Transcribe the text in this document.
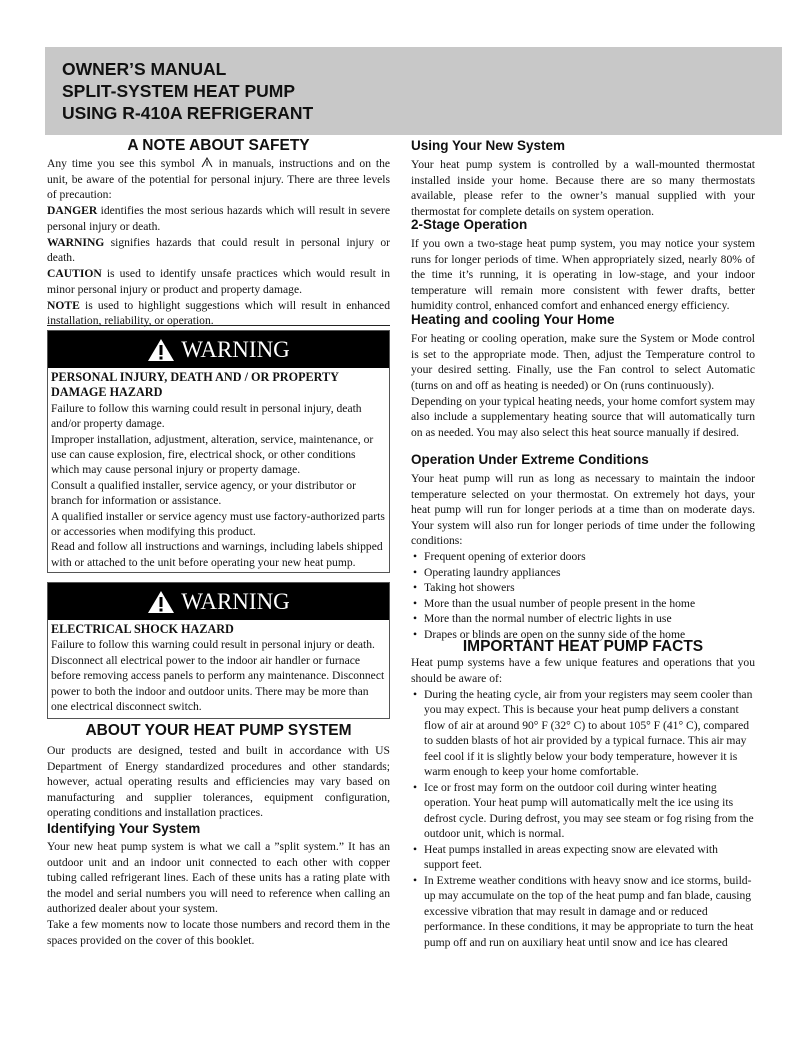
OWNER’S MANUAL
SPLIT-SYSTEM HEAT PUMP
USING R-410A REFRIGERANT
A NOTE ABOUT SAFETY

Any time you see this symbol in manuals, instructions and on the unit, be aware of the potential for personal injury. There are three levels of precaution:

DANGER identifies the most serious hazards which will result in severe personal injury or death.

WARNING signifies hazards that could result in personal injury or death.

CAUTION is used to identify unsafe practices which would result in minor personal injury or product and property damage.

NOTE is used to highlight suggestions which will result in enhanced installation, reliability, or operation.

WARNING

PERSONAL INJURY, DEATH AND / OR PROPERTY DAMAGE HAZARD

Failure to follow this warning could result in personal injury, death and/or property damage.

Improper installation, adjustment, alteration, service, maintenance, or use can cause explosion, fire, electrical shock, or other conditions which may cause personal injury or property damage.

Consult a qualified installer, service agency, or your distributor or branch for information or assistance.

A qualified installer or service agency must use factory-authorized parts or accessories when modifying this product.

Read and follow all instructions and warnings, including labels shipped with or attached to the unit before operating your new heat pump.

WARNING

ELECTRICAL SHOCK HAZARD

Failure to follow this warning could result in personal injury or death.

Disconnect all electrical power to the indoor air handler or furnace before removing access panels to perform any maintenance. Disconnect power to both the indoor and outdoor units. There may be more than one electrical disconnect switch.

ABOUT YOUR HEAT PUMP SYSTEM

Our products are designed, tested and built in accordance with US Department of Energy standardized procedures and other standards; however, actual operating results and efficiencies may vary based on manufacturing and supplier tolerances, equipment configuration, operating conditions and installation practices.

Identifying Your System

Your new heat pump system is what we call a ”split system.” It has an outdoor unit and an indoor unit connected to each other with copper tubing called refrigerant lines. Each of these units has a rating plate with the model and serial numbers you will need to reference when calling an authorized dealer about your system.

Take a few moments now to locate those numbers and record them in the spaces provided on the cover of this booklet.

Using Your New System

Your heat pump system is controlled by a wall-mounted thermostat installed inside your home. Because there are so many thermostats available, please refer to the owner’s manual supplied with your thermostat for complete details on system operation.

2-Stage Operation

If you own a two-stage heat pump system, you may notice your system runs for longer periods of time. When appropriately sized, nearly 80% of the time it’s running, it is operating in low-stage, and your indoor temperature will remain more consistent with fewer drafts, better humidity control, enhanced comfort and enhanced energy efficiency.

Heating and cooling Your Home

For heating or cooling operation, make sure the System or Mode control is set to the appropriate mode. Then, adjust the Temperature control to your desired setting. Finally, use the Fan control to select Automatic (turns on and off as heating is needed) or On (runs continuously).

Depending on your typical heating needs, your home comfort system may also include a supplementary heating source that will automatically turn on as needed. You may also select this heat source manually if desired.

Operation Under Extreme Conditions

Your heat pump will run as long as necessary to maintain the indoor temperature selected on your thermostat. On extremely hot days, your heat pump will run for longer periods at a time than on moderate days. Your system will also run for longer periods of time under the following conditions:

• Frequent opening of exterior doors
• Operating laundry appliances
• Taking hot showers
• More than the usual number of people present in the home
• More than the normal number of electric lights in use
• Drapes or blinds are open on the sunny side of the home
IMPORTANT HEAT PUMP FACTS

Heat pump systems have a few unique features and operations that you should be aware of:

• During the heating cycle, air from your registers may seem cooler than you may expect. This is because your heat pump delivers a constant flow of air at around 90° F (32° C) to about 105° F (41° C), compared to sudden blasts of hot air provided by a typical furnace. This air may feel cool if it is slightly below your body temperature, however it is warm enough to keep your home comfortable.
• Ice or frost may form on the outdoor coil during winter heating operation. Your heat pump will automatically melt the ice using its defrost cycle. During defrost, you may see steam or fog rising from the outdoor unit, which is normal.
• Heat pumps installed in areas expecting snow are elevated with support feet.
• In Extreme weather conditions with heavy snow and ice storms, build-up may accumulate on the top of the heat pump and fan blade, causing excessive vibration that may result in damage and or reduced performance. In these conditions, it may be appropriate to turn the heat pump off and run on auxiliary heat until snow and ice has cleared
